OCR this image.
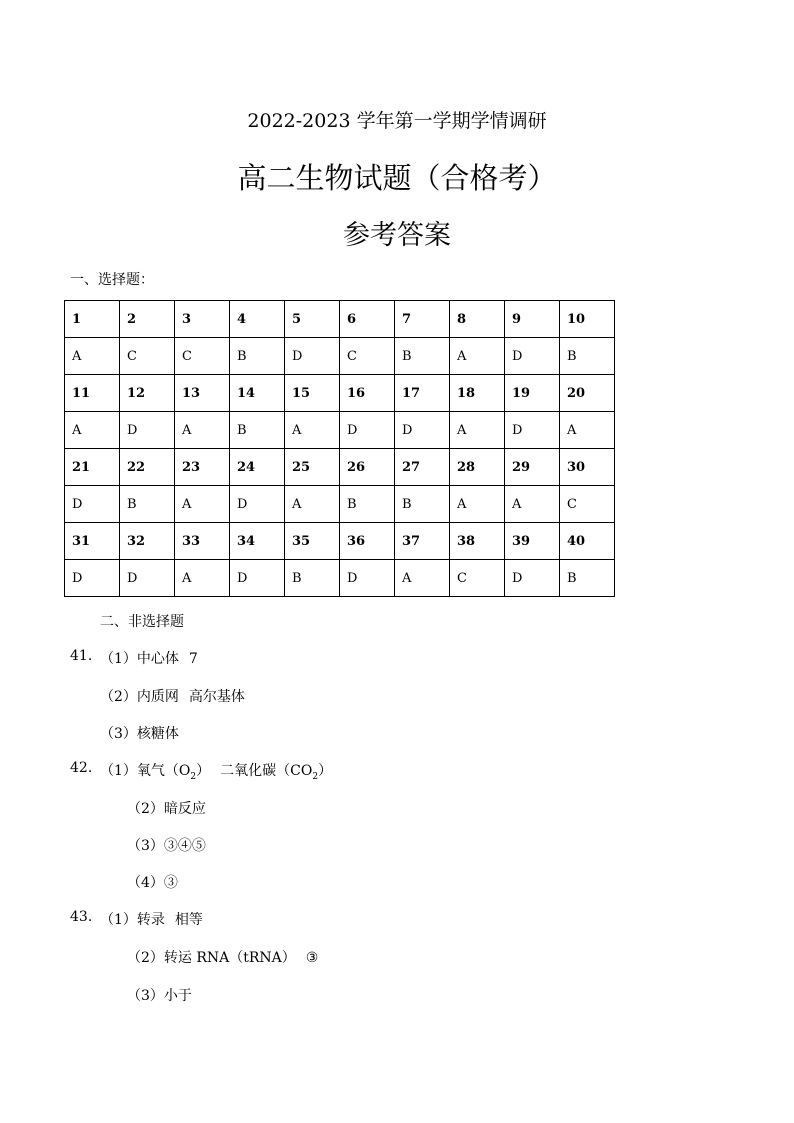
2022-2023 学年第一学期学情调研
高二生物试题（合格考）
参考答案
一、选择题：
1	2	3	4	5	6	7	8	9	10
A	C	C	B	D	C	B	A	D	B
11	12	13	14	15	16	17	18	19	20
A	D	A	B	A	D	D	A	D	A
21	22	23	24	25	26	27	28	29	30
D	B	A	D	A	B	B	A	A	C
31	32	33	34	35	36	37	38	39	40
D	D	A	D	B	D	A	C	D	B
二、非选择题
41. （1）中心体 7
（2）内质网 高尔基体
（3）核糖体
42. （1）氧气$(O_2)$ 二氧化碳$(CO_2)$
（2）暗反应
（3）③④⑤
（4）③
43. （1）转录 相等
（2）转运 RNA（tRNA） ③
（3）小于
